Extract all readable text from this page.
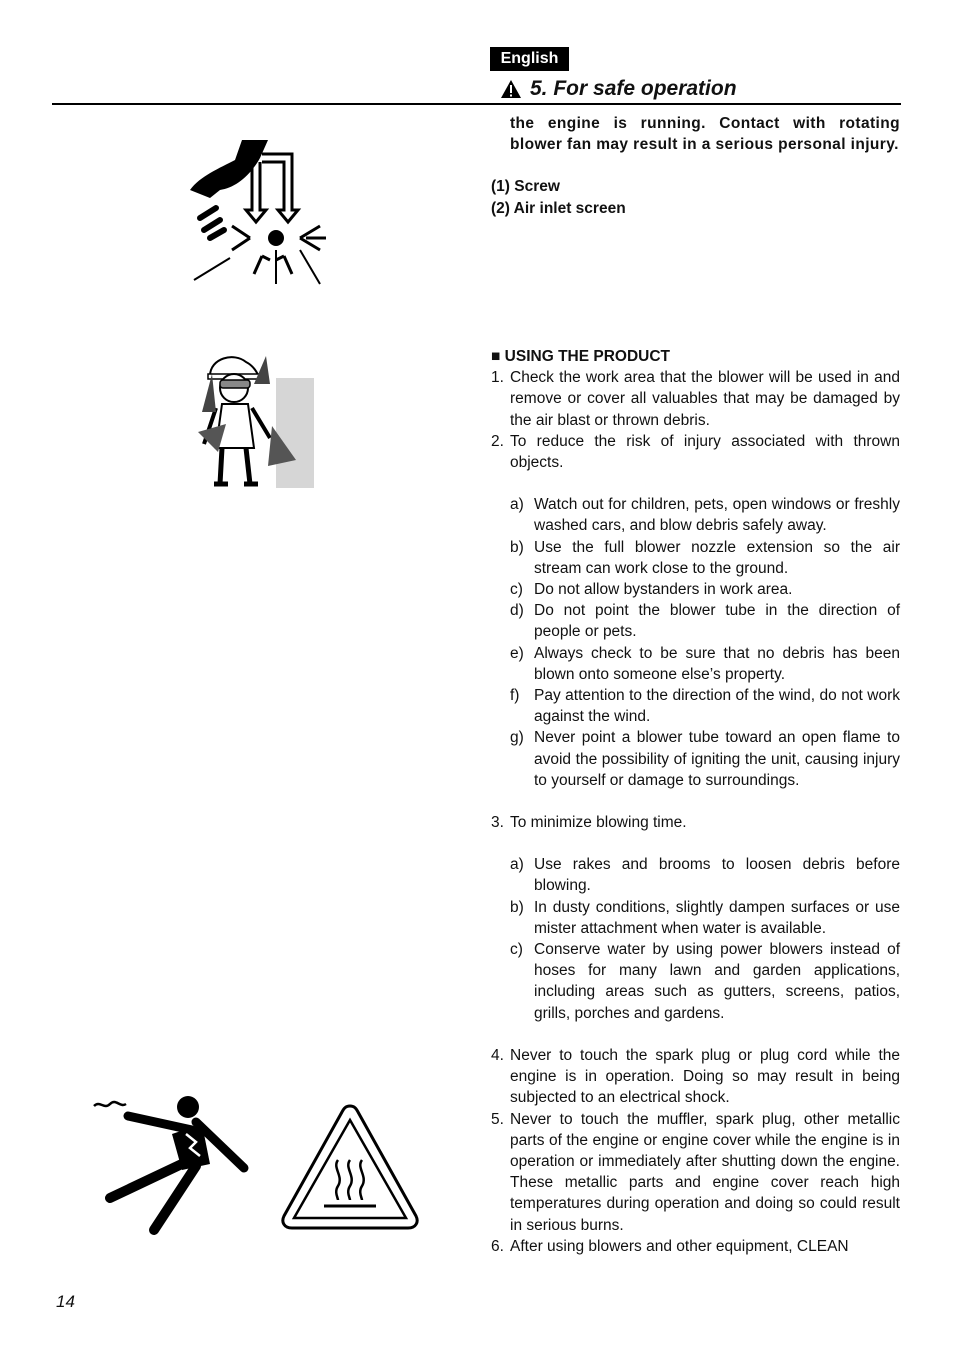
English
5. For safe operation
the engine is running. Contact with rotating blower fan may result in a serious personal injury.
(1) Screw
(2) Air inlet screen
■ USING THE PRODUCT
1. Check the work area that the blower will be used in and remove or cover all valuables that may be damaged by the air blast or thrown debris.
2. To reduce the risk of injury associated with thrown objects.
a) Watch out for children, pets, open windows or freshly washed cars, and blow debris safely away.
b) Use the full blower nozzle extension so the air stream can work close to the ground.
c) Do not allow bystanders in work area.
d) Do not point the blower tube in the direction of people or pets.
e) Always check to be sure that no debris has been blown onto someone else’s property.
f) Pay attention to the direction of the wind, do not work against the wind.
g) Never point a blower tube toward an open flame to avoid the possibility of igniting the unit, causing injury to yourself or damage to surroundings.
3. To minimize blowing time.
a) Use rakes and brooms to loosen debris before blowing.
b) In dusty conditions, slightly dampen surfaces or use mister attachment when water is available.
c) Conserve water by using power blowers instead of hoses for many lawn and garden applications, including areas such as gutters, screens, patios, grills, porches and gardens.
4. Never to touch the spark plug or plug cord while the engine is in operation. Doing so may result in being subjected to an electrical shock.
5. Never to touch the muffler, spark plug, other metallic parts of the engine or engine cover while the engine is in operation or immediately after shutting down the engine. These metallic parts and engine cover reach high temperatures during operation and doing so could result in serious burns.
6. After using blowers and other equipment, CLEAN
14
